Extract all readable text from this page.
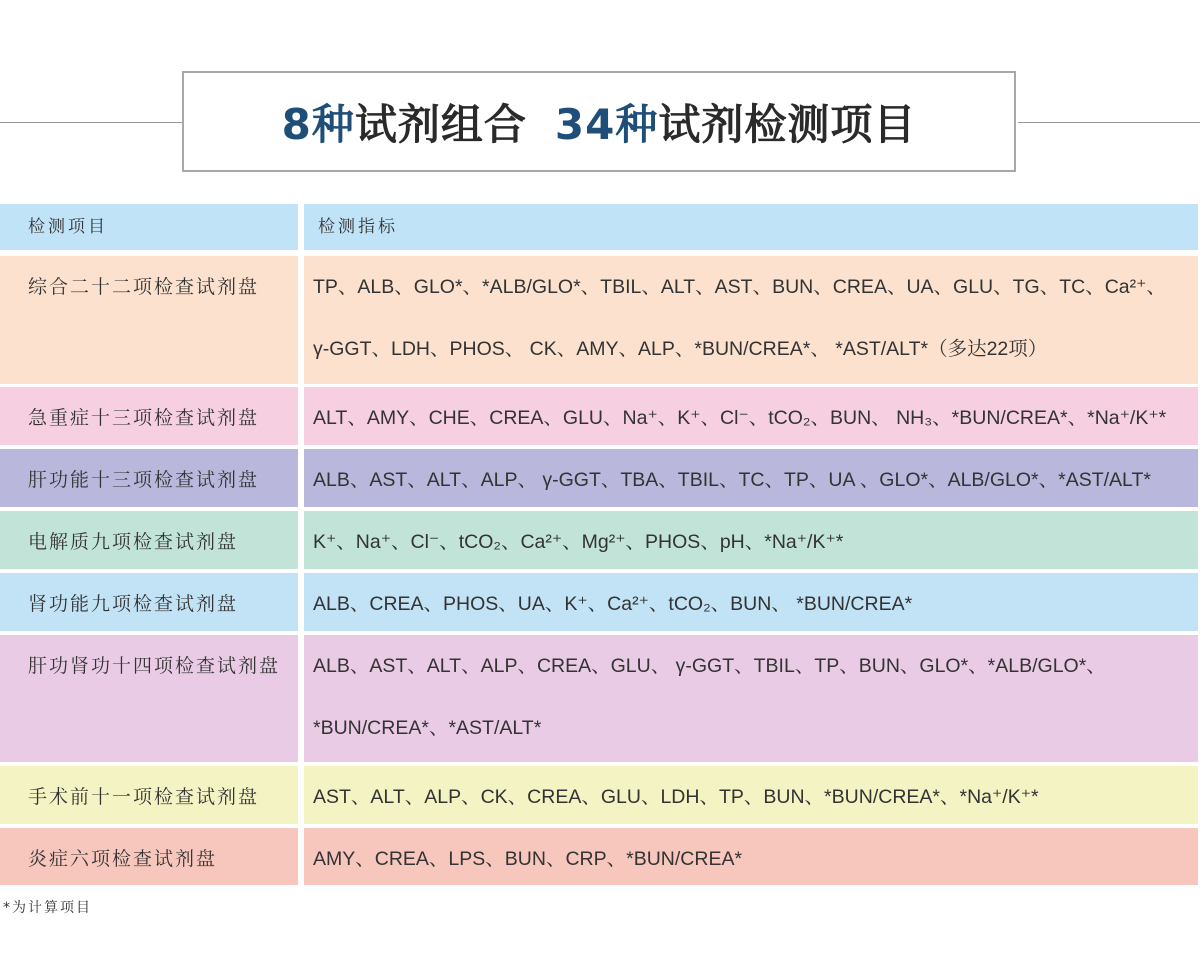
8种 试剂组合 34种 试剂检测项目
检测项目	检测指标
综合二十二项检查试剂盘	TP、ALB、GLO*、*ALB/GLO*、TBIL、ALT、AST、BUN、CREA、UA、GLU、TG、TC、Ca²⁺、
γ-GGT、LDH、PHOS、 CK、AMY、ALP、*BUN/CREA*、 *AST/ALT*（多达22项）
急重症十三项检查试剂盘	ALT、AMY、CHE、CREA、GLU、Na⁺、K⁺、Cl⁻、tCO₂、BUN、 NH₃、*BUN/CREA*、*Na⁺/K⁺*
肝功能十三项检查试剂盘	ALB、AST、ALT、ALP、 γ-GGT、TBA、TBIL、TC、TP、UA 、GLO*、ALB/GLO*、*AST/ALT*
电解质九项检查试剂盘	K⁺、Na⁺、Cl⁻、tCO₂、Ca²⁺、Mg²⁺、PHOS、pH、*Na⁺/K⁺*
肾功能九项检查试剂盘	ALB、CREA、PHOS、UA、K⁺、Ca²⁺、tCO₂、BUN、 *BUN/CREA*
肝功肾功十四项检查试剂盘 ALB、AST、ALT、ALP、CREA、GLU、 γ-GGT、TBIL、TP、BUN、GLO*、*ALB/GLO*、
*BUN/CREA*、*AST/ALT*
手术前十一项检查试剂盘	AST、ALT、ALP、CK、CREA、GLU、LDH、TP、BUN、*BUN/CREA*、*Na⁺/K⁺*
炎症六项检查试剂盘	AMY、CREA、LPS、BUN、CRP、*BUN/CREA*
*为计算项目
